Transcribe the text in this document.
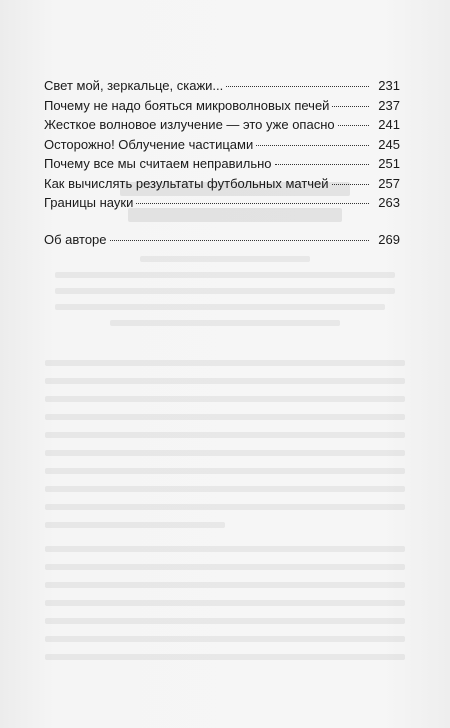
Свет мой, зеркальце, скажи...	231
Почему не надо бояться микроволновых печей	237
Жесткое волновое излучение — это уже опасно	241
Осторожно! Облучение частицами	245
Почему все мы считаем неправильно	251
Как вычислять результаты футбольных матчей	257
Границы науки	263
Об авторе	269
